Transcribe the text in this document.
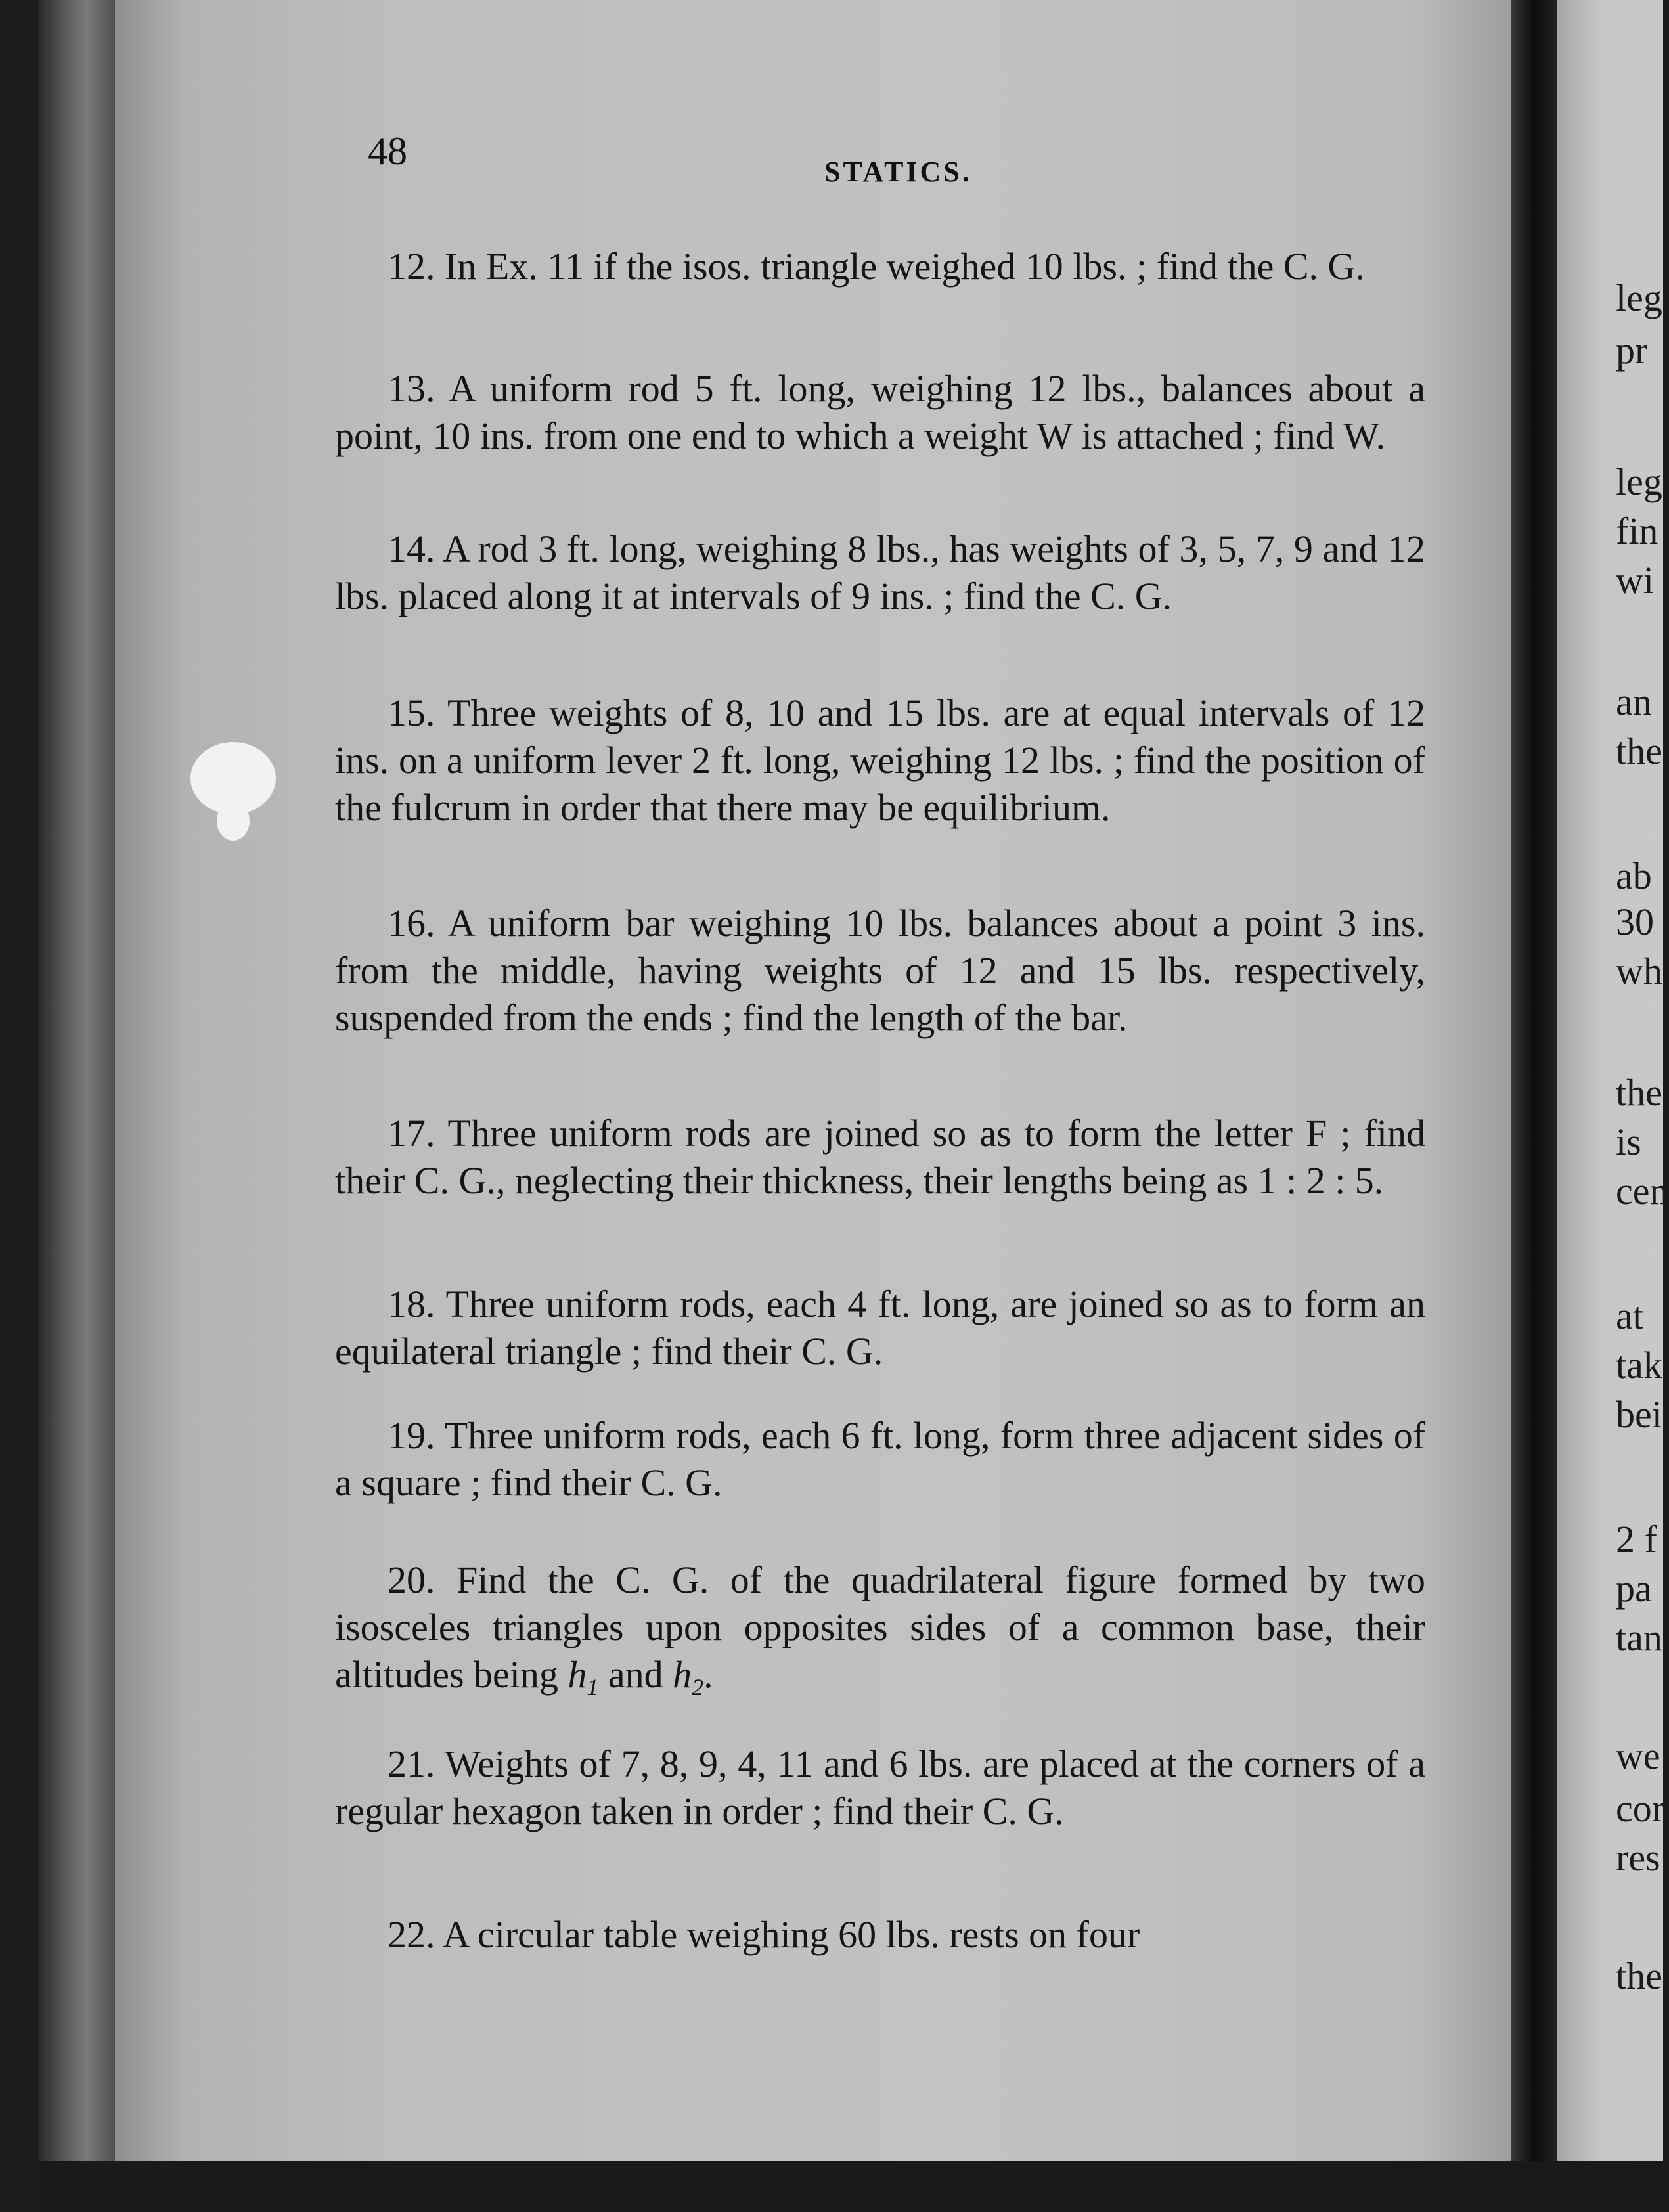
48	STATICS.

12. In Ex. 11 if the isos. triangle weighed 10 lbs. ; find the C. G.

13. A uniform rod 5 ft. long, weighing 12 lbs., balances about a point, 10 ins. from one end to which a weight W is attached ; find W.

14. A rod 3 ft. long, weighing 8 lbs., has weights of 3, 5, 7, 9 and 12 lbs. placed along it at intervals of 9 ins. ; find the C. G.

15. Three weights of 8, 10 and 15 lbs. are at equal intervals of 12 ins. on a uniform lever 2 ft. long, weighing 12 lbs. ; find the position of the fulcrum in order that there may be equilibrium.

16. A uniform bar weighing 10 lbs. balances about a point 3 ins. from the middle, having weights of 12 and 15 lbs. respectively, suspended from the ends ; find the length of the bar.

17. Three uniform rods are joined so as to form the letter F ; find their C. G., neglecting their thickness, their lengths being as 1 : 2 : 5.

18. Three uniform rods, each 4 ft. long, are joined so as to form an equilateral triangle ; find their C. G.

19. Three uniform rods, each 6 ft. long, form three adjacent sides of a square ; find their C. G.

20. Find the C. G. of the quadrilateral figure formed by two isosceles triangles upon opposites sides of a common base, their altitudes being $h_1$ and $h_2$.

21. Weights of 7, 8, 9, 4, 11 and 6 lbs. are placed at the corners of a regular hexagon taken in order ; find their C. G.

22. A circular table weighing 60 lbs. rests on four

leg
pr
leg
fin
wi
an
the
ab
30
wh
the
is
cen
at
tak
bei
2 f
pa
tan
we
cor
res
the
